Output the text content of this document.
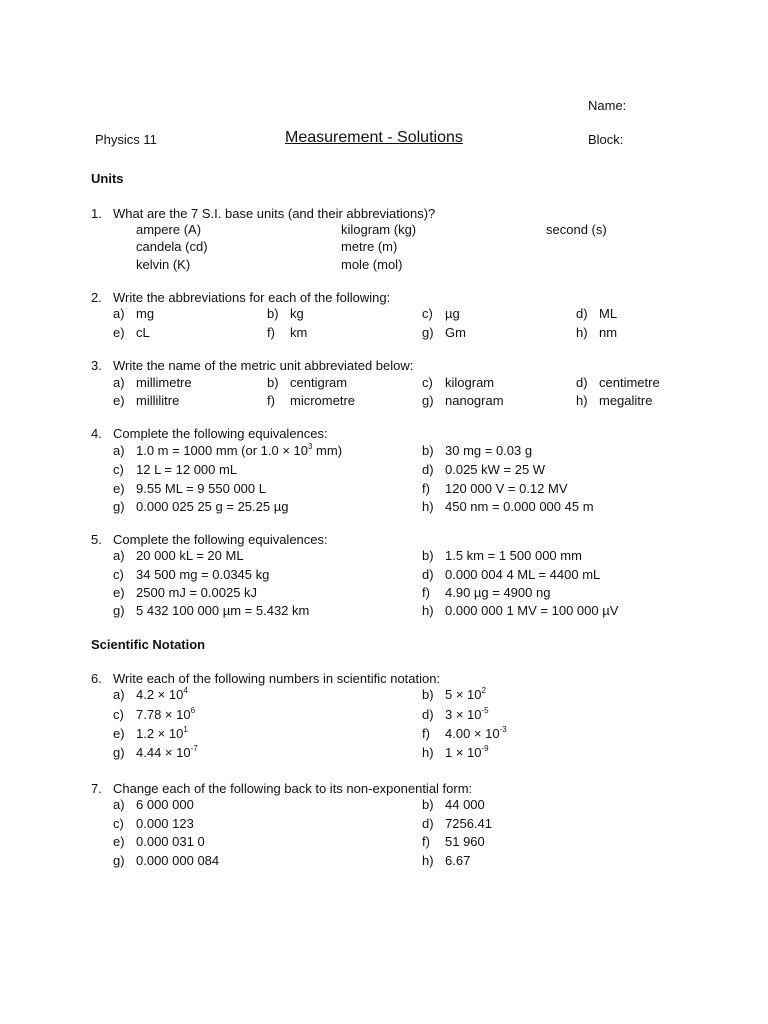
Name:
Physics 11	Measurement - Solutions	Block:
Units
1. What are the 7 S.I. base units (and their abbreviations)?
ampere (A)	kilogram (kg)	second (s)
candela (cd)	metre (m)
kelvin (K)	mole (mol)
2. Write the abbreviations for each of the following:
a) mg	b) kg	c) µg	d) ML
e) cL	f) km	g) Gm	h) nm
3. Write the name of the metric unit abbreviated below:
a) millimetre	b) centigram	c) kilogram	d) centimetre
e) millilitre	f) micrometre	g) nanogram	h) megalitre
4. Complete the following equivalences:
a) 1.0 m = 1000 mm (or $1.0 \times 10^3$ mm)	b) 30 mg = 0.03 g
c) 12 L = 12 000 mL	d) 0.025 kW = 25 W
e) 9.55 ML = 9 550 000 L	f) 120 000 V = 0.12 MV
g) 0.000 025 25 g = 25.25 µg	h) 450 nm = 0.000 000 45 m
5. Complete the following equivalences:
a) 20 000 kL = 20 ML	b) 1.5 km = 1 500 000 mm
c) 34 500 mg = 0.0345 kg	d) 0.000 004 4 ML = 4400 mL
e) 2500 mJ = 0.0025 kJ	f) 4.90 µg = 4900 ng
g) 5 432 100 000 µm = 5.432 km	h) 0.000 000 1 MV = 100 000 µV
Scientific Notation
6. Write each of the following numbers in scientific notation:
a) $4.2 \times 10^4$	b) $5 \times 10^2$
c) $7.78 \times 10^6$	d) $3 \times 10^{-5}$
e) $1.2 \times 10^1$	f) $4.00 \times 10^{-3}$
g) $4.44 \times 10^{-7}$	h) $1 \times 10^{-9}$
7. Change each of the following back to its non-exponential form:
a) 6 000 000	b) 44 000
c) 0.000 123	d) 7256.41
e) 0.000 031 0	f) 51 960
g) 0.000 000 084	h) 6.67
